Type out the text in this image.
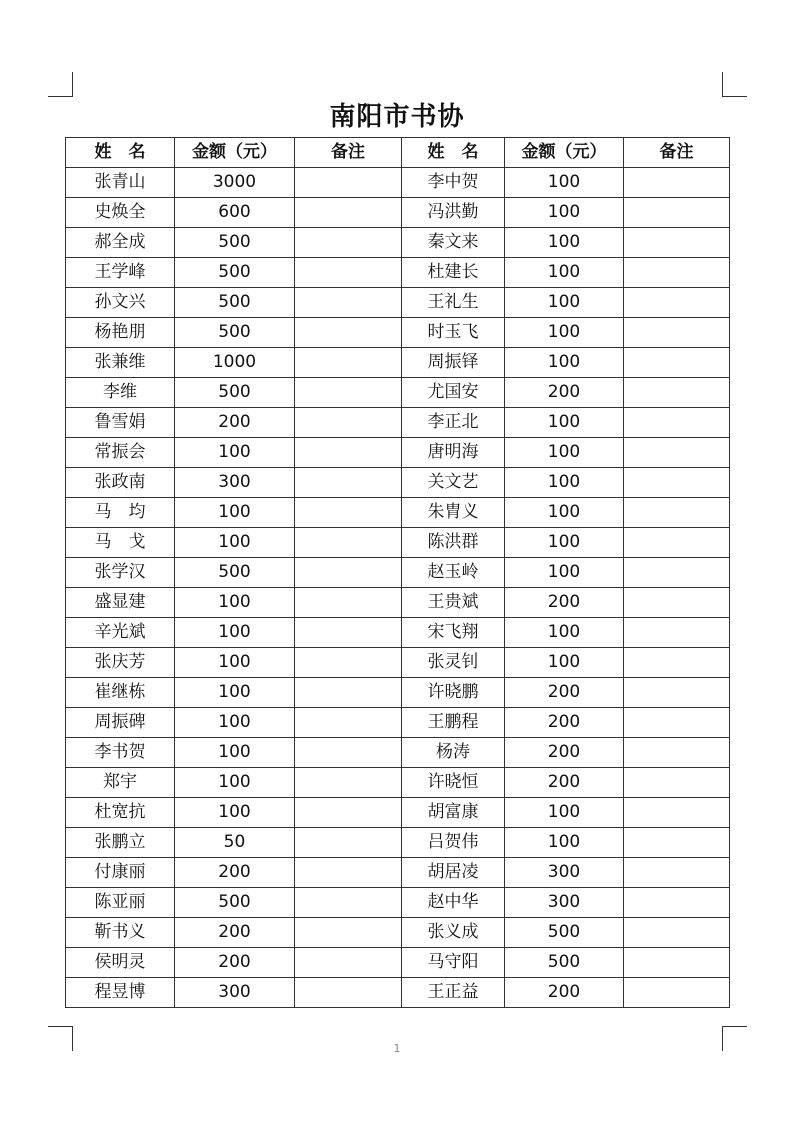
南阳市书协
姓　名	金额（元）	备注	姓　名	金额（元）	备注
张青山	3000		李中贺	100	
史焕全	600		冯洪勤	100	
郝全成	500		秦文来	100	
王学峰	500		杜建长	100	
孙文兴	500		王礼生	100	
杨艳朋	500		时玉飞	100	
张兼维	1000		周振铎	100	
李维	500		尤国安	200	
鲁雪娟	200		李正北	100	
常振会	100		唐明海	100	
张政南	300		关文艺	100	
马　均	100		朱胄义	100	
马　戈	100		陈洪群	100	
张学汉	500		赵玉岭	100	
盛显建	100		王贵斌	200	
辛光斌	100		宋飞翔	100	
张庆芳	100		张灵钊	100	
崔继栋	100		许晓鹏	200	
周振碑	100		王鹏程	200	
李书贺	100		杨涛	200	
郑宇	100		许晓恒	200	
杜宽抗	100		胡富康	100	
张鹏立	50		吕贺伟	100	
付康丽	200		胡居凌	300	
陈亚丽	500		赵中华	300	
靳书义	200		张义成	500	
侯明灵	200		马守阳	500	
程昱博	300		王正益	200	
1
